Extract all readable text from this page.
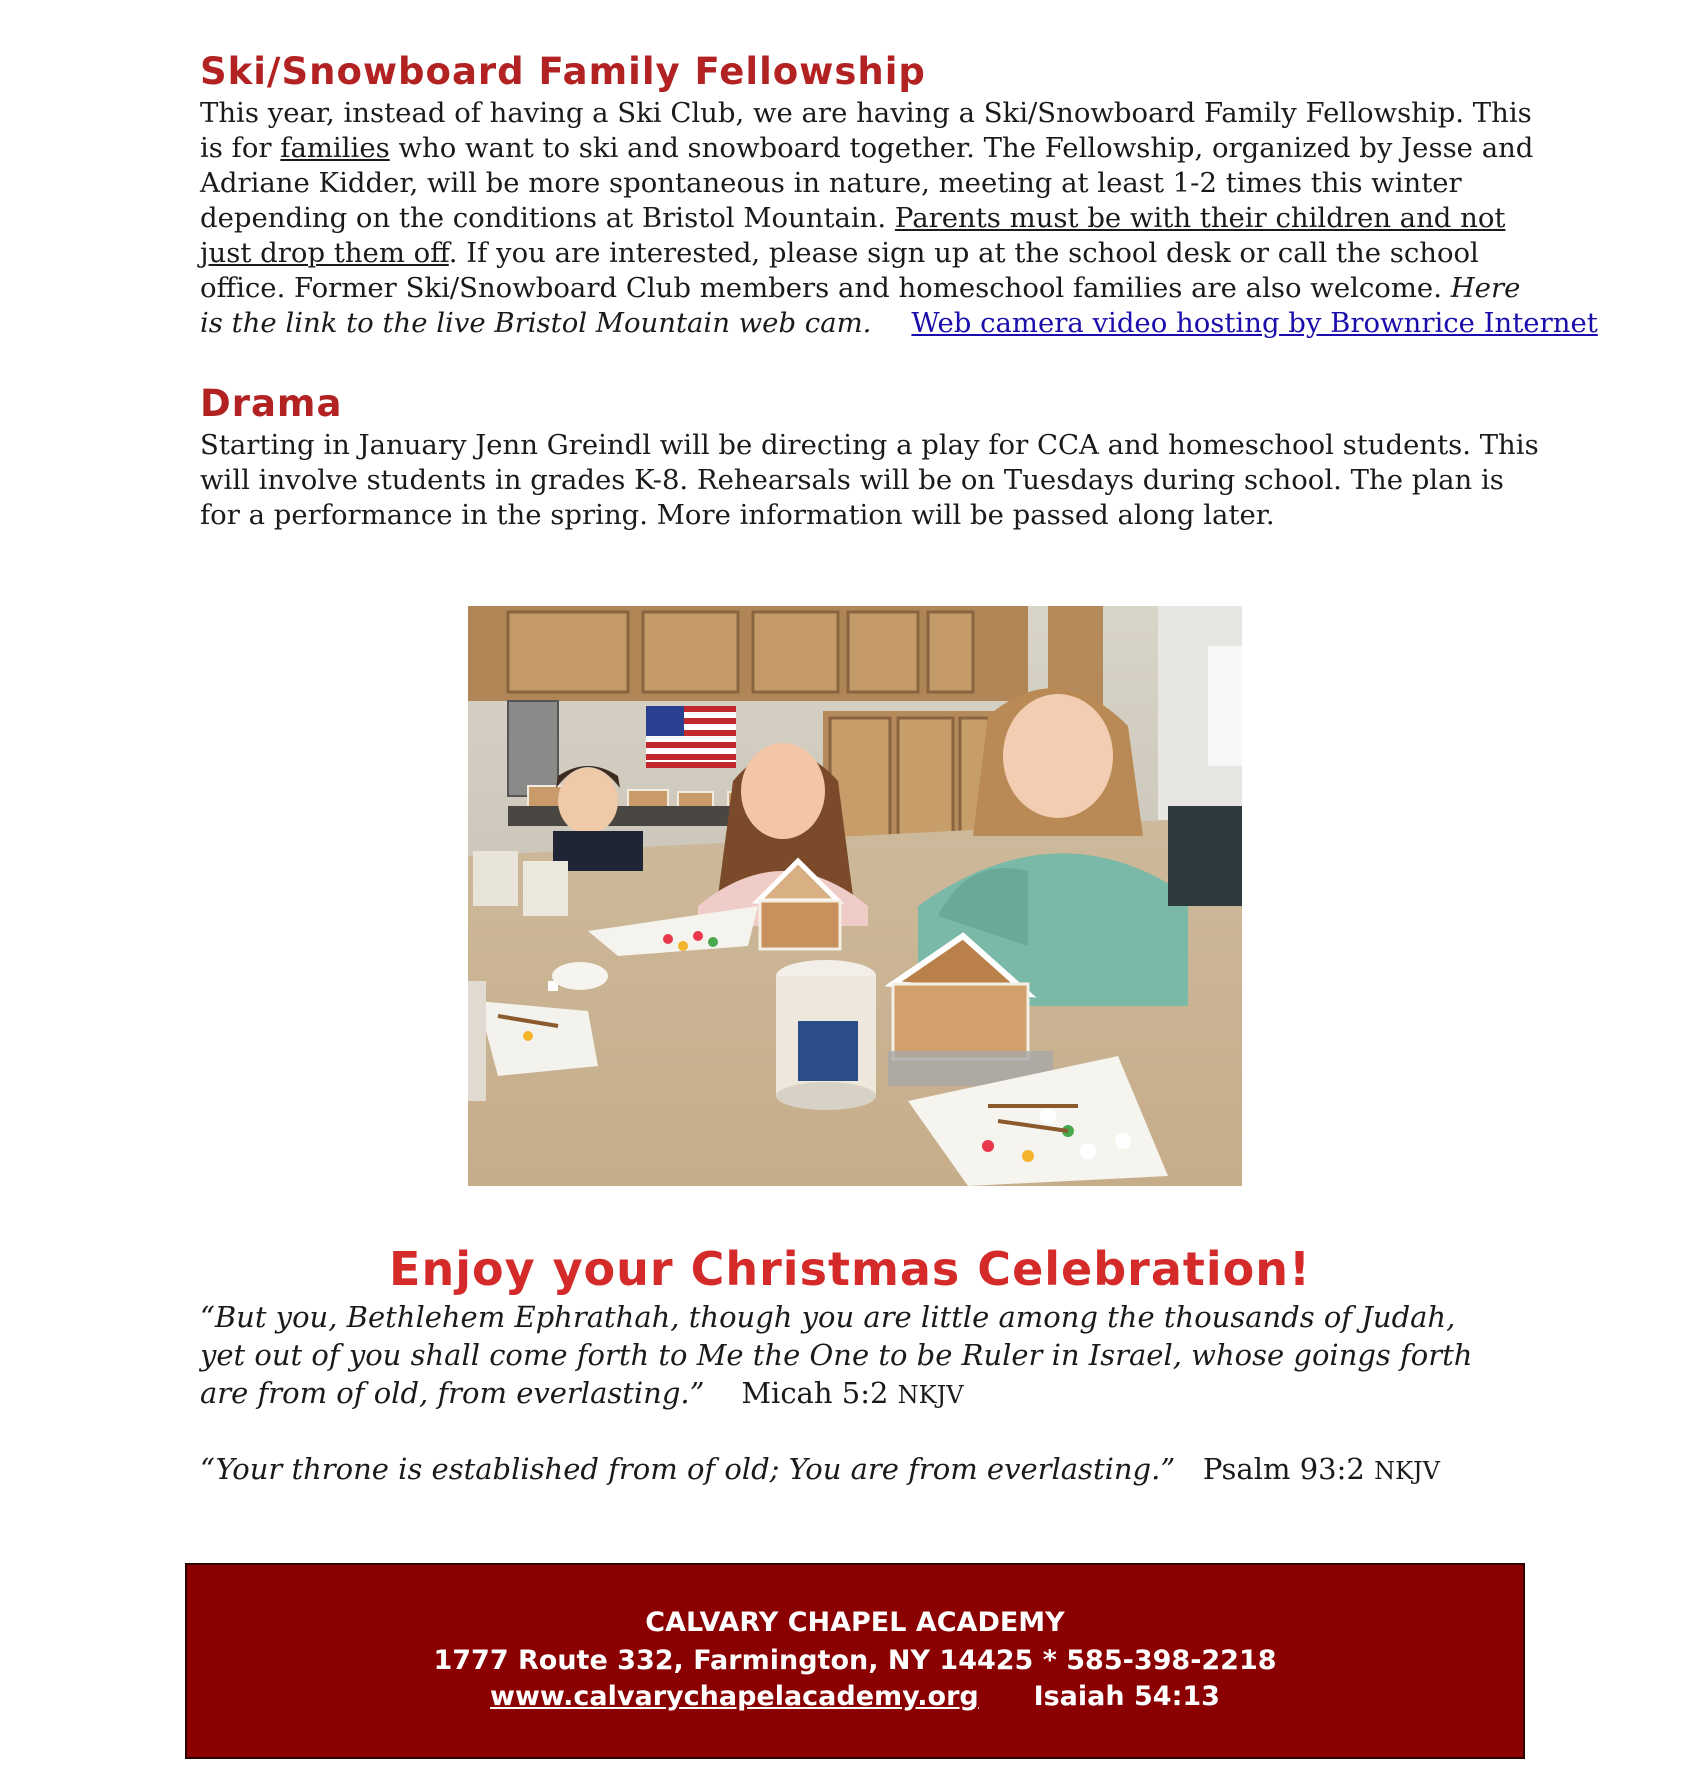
Ski/Snowboard Family Fellowship
This year, instead of having a Ski Club, we are having a Ski/Snowboard Family Fellowship. This
is for families who want to ski and snowboard together. The Fellowship, organized by Jesse and
Adriane Kidder, will be more spontaneous in nature, meeting at least 1-2 times this winter
depending on the conditions at Bristol Mountain. Parents must be with their children and not
just drop them off. If you are interested, please sign up at the school desk or call the school
office. Former Ski/Snowboard Club members and homeschool families are also welcome. Here
is the link to the live Bristol Mountain web cam. Web camera video hosting by Brownrice Internet
Drama
Starting in January Jenn Greindl will be directing a play for CCA and homeschool students. This
will involve students in grades K-8. Rehearsals will be on Tuesdays during school. The plan is
for a performance in the spring. More information will be passed along later.
Enjoy your Christmas Celebration!
“But you, Bethlehem Ephrathah, though you are little among the thousands of Judah,
yet out of you shall come forth to Me the One to be Ruler in Israel, whose goings forth
are from of old, from everlasting.” Micah 5:2 NKJV
“Your throne is established from of old; You are from everlasting.” Psalm 93:2 NKJV
CALVARY CHAPEL ACADEMY
1777 Route 332, Farmington, NY 14425 * 585-398-2218
www.calvarychapelacademy.org Isaiah 54:13
